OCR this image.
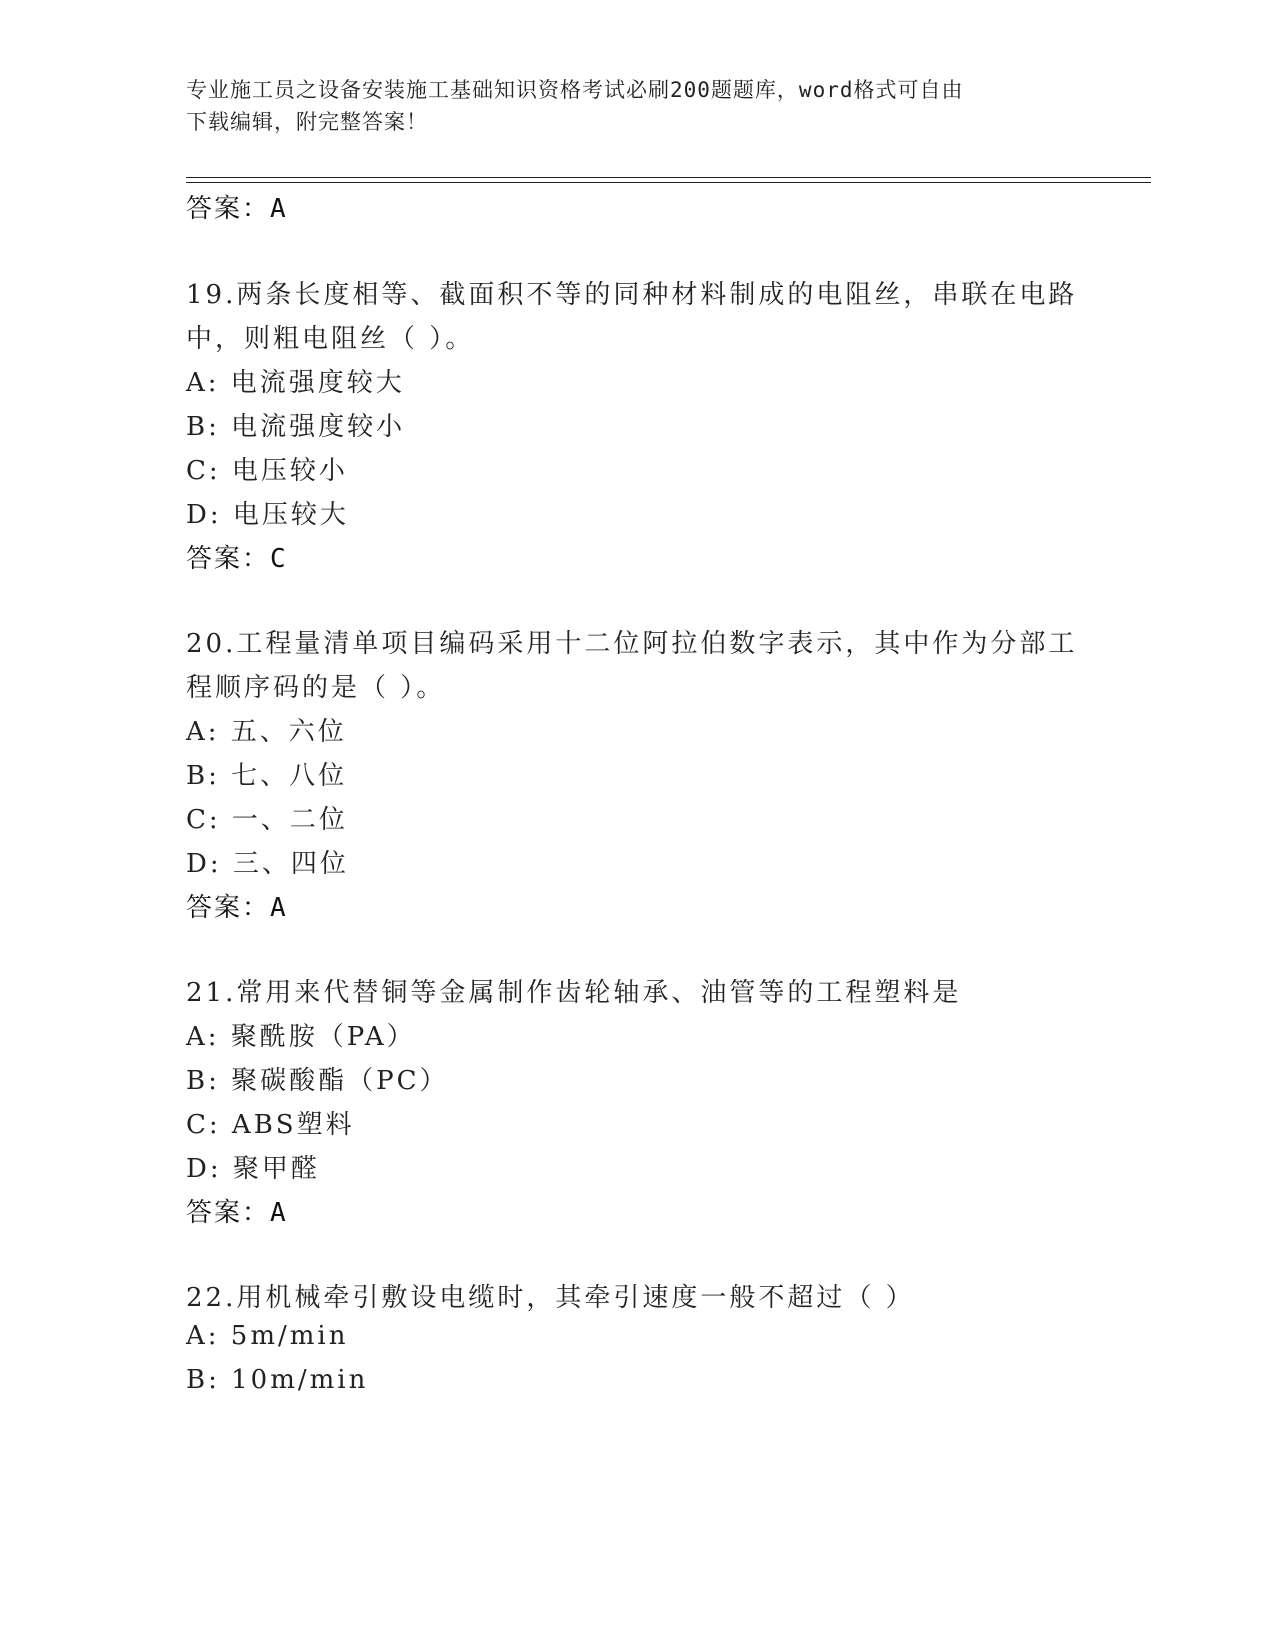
专业施工员之设备安装施工基础知识资格考试必刷200题题库，word格式可自由
下载编辑，附完整答案！
答案：A
19.两条长度相等、截面积不等的同种材料制成的电阻丝，串联在电路
中，则粗电阻丝（ ）。
A: 电流强度较大
B: 电流强度较小
C: 电压较小
D: 电压较大
答案：C
20.工程量清单项目编码采用十二位阿拉伯数字表示，其中作为分部工
程顺序码的是（ ）。
A: 五、六位
B: 七、八位
C: 一、二位
D: 三、四位
答案：A
21.常用来代替铜等金属制作齿轮轴承、油管等的工程塑料是
A: 聚酰胺（PA）
B: 聚碳酸酯（PC）
C: ABS塑料
D: 聚甲醛
答案：A
22.用机械牵引敷设电缆时，其牵引速度一般不超过（ ）
A: 5m/min
B: 10m/min
